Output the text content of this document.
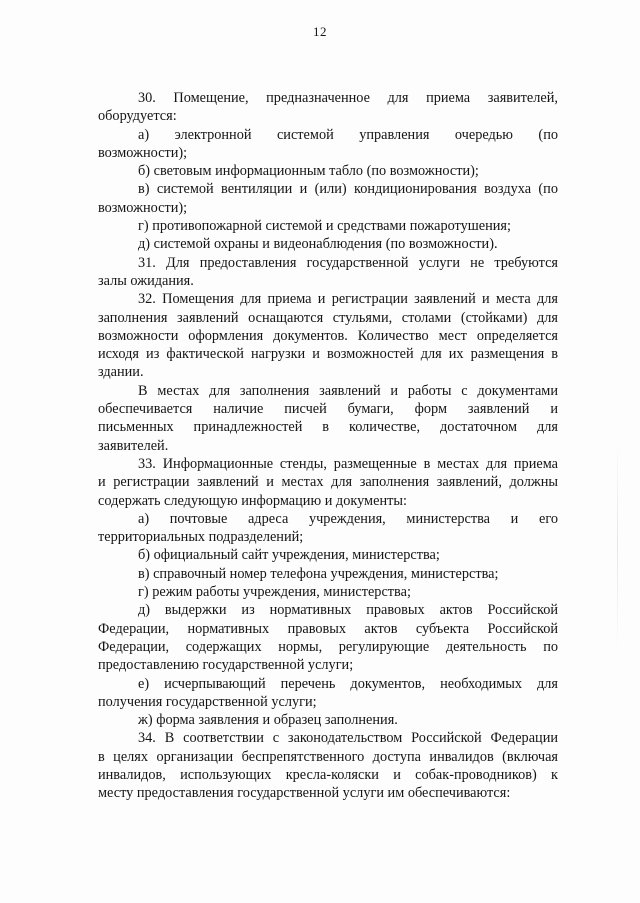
12
30. Помещение, предназначенное для приема заявителей,
оборудуется:
а) электронной системой управления очередью (по
возможности);
б) световым информационным табло (по возможности);
в) системой вентиляции и (или) кондиционирования воздуха (по
возможности);
г) противопожарной системой и средствами пожаротушения;
д) системой охраны и видеонаблюдения (по возможности).
31. Для предоставления государственной услуги не требуются
залы ожидания.
32. Помещения для приема и регистрации заявлений и места для
заполнения заявлений оснащаются стульями, столами (стойками) для
возможности оформления документов. Количество мест определяется
исходя из фактической нагрузки и возможностей для их размещения в
здании.
В местах для заполнения заявлений и работы с документами
обеспечивается наличие писчей бумаги, форм заявлений и
письменных принадлежностей в количестве, достаточном для
заявителей.
33. Информационные стенды, размещенные в местах для приема
и регистрации заявлений и местах для заполнения заявлений, должны
содержать следующую информацию и документы:
а) почтовые адреса учреждения, министерства и его
территориальных подразделений;
б) официальный сайт учреждения, министерства;
в) справочный номер телефона учреждения, министерства;
г) режим работы учреждения, министерства;
д) выдержки из нормативных правовых актов Российской
Федерации, нормативных правовых актов субъекта Российской
Федерации, содержащих нормы, регулирующие деятельность по
предоставлению государственной услуги;
е) исчерпывающий перечень документов, необходимых для
получения государственной услуги;
ж) форма заявления и образец заполнения.
34. В соответствии с законодательством Российской Федерации
в целях организации беспрепятственного доступа инвалидов (включая
инвалидов, использующих кресла-коляски и собак-проводников) к
месту предоставления государственной услуги им обеспечиваются:
